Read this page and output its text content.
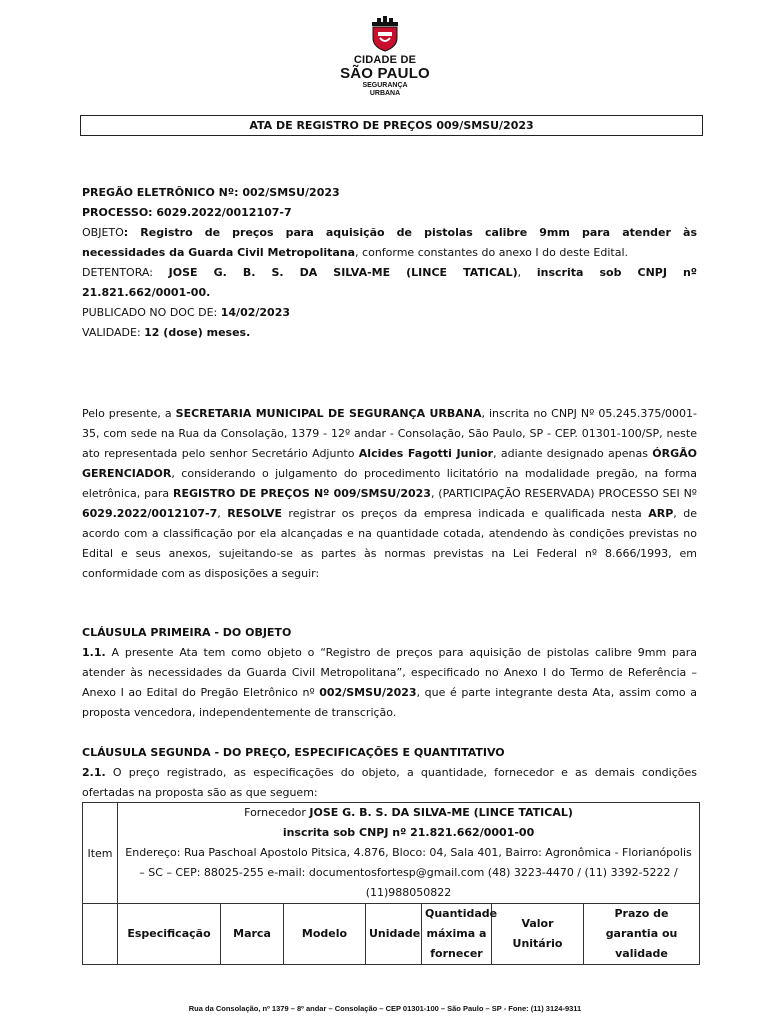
CIDADE DE
SÃO PAULO
SEGURANÇA
URBANA
ATA DE REGISTRO DE PREÇOS 009/SMSU/2023

PREGÃO ELETRÔNICO Nº: 002/SMSU/2023

PROCESSO: 6029.2022/0012107-7

OBJETO: Registro de preços para aquisição de pistolas calibre 9mm para atender às

necessidades da Guarda Civil Metropolitana, conforme constantes do anexo I do deste Edital.

DETENTORA: JOSE G. B. S. DA SILVA-ME (LINCE TATICAL), inscrita sob CNPJ nº

21.821.662/0001-00.

PUBLICADO NO DOC DE: 14/02/2023

VALIDADE: 12 (dose) meses.

Pelo presente, a SECRETARIA MUNICIPAL DE SEGURANÇA URBANA, inscrita no CNPJ Nº 05.245.375/0001-35, com sede na Rua da Consolação, 1379 - 12º andar - Consolação, São Paulo, SP - CEP. 01301-100/SP, neste ato representada pelo senhor Secretário Adjunto Alcides Fagotti Junior, adiante designado apenas ÓRGÃO GERENCIADOR, considerando o julgamento do procedimento licitatório na modalidade pregão, na forma eletrônica, para REGISTRO DE PREÇOS Nº 009/SMSU/2023, (PARTICIPAÇÃO RESERVADA) PROCESSO SEI Nº 6029.2022/0012107-7, RESOLVE registrar os preços da empresa indicada e qualificada nesta ARP, de acordo com a classificação por ela alcançadas e na quantidade cotada, atendendo às condições previstas no Edital e seus anexos, sujeitando-se as partes às normas previstas na Lei Federal nº 8.666/1993, em conformidade com as disposições a seguir:

CLÁUSULA PRIMEIRA - DO OBJETO

1.1. A presente Ata tem como objeto o “Registro de preços para aquisição de pistolas calibre 9mm para atender às necessidades da Guarda Civil Metropolitana”, especificado no Anexo I do Termo de Referência – Anexo I ao Edital do Pregão Eletrônico nº 002/SMSU/2023, que é parte integrante desta Ata, assim como a proposta vencedora, independentemente de transcrição.

CLÁUSULA SEGUNDA - DO PREÇO, ESPECIFICAÇÕES E QUANTITATIVO

2.1. O preço registrado, as especificações do objeto, a quantidade, fornecedor e as demais condições ofertadas na proposta são as que seguem:

Item	Fornecedor JOSE G. B. S. DA SILVA-ME (LINCE TATICAL)
inscrita sob CNPJ nº 21.821.662/0001-00
Endereço: Rua Paschoal Apostolo Pitsica, 4.876, Bloco: 04, Sala 401, Bairro: Agronômica - Florianópolis – SC – CEP: 88025-255 e-mail: documentosfortesp@gmail.com (48) 3223-4470 / (11) 3392-5222 / (11)988050822						
	Especificação	Marca	Modelo	Unidade	Quantidade máxima a fornecer	Valor Unitário	Prazo de garantia ou validade
Rua da Consolação, nº 1379 – 8º andar – Consolação – CEP 01301-100 – São Paulo – SP - Fone: (11) 3124-9311
